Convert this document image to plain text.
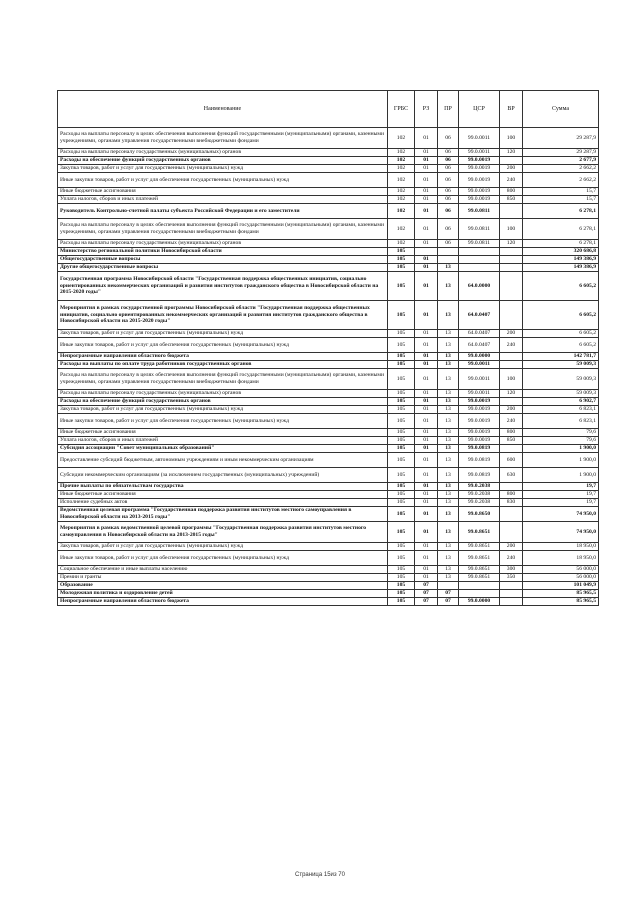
Наименование	ГРБС	РЗ	ПР	ЦСР	ВР	Сумма
Расходы на выплаты персоналу в целях обеспечения выполнения функций государственными (муниципальными) органами, казенными учреждениями, органами управления государственными внебюджетными фондами	102	01	06	99.0.0011	100	29 287,9
Расходы на выплаты персоналу государственных (муниципальных) органов	102	01	06	99.0.0011	120	29 287,9
Расходы на обеспечение функций государственных органов	102	01	06	99.0.0019		2 677,9
Закупка товаров, работ и услуг для государственных (муниципальных) нужд	102	01	06	99.0.0019	200	2 662,2
Иные закупки товаров, работ и услуг для обеспечения государственных (муниципальных) нужд	102	01	06	99.0.0019	240	2 662,2
Иные бюджетные ассигнования	102	01	06	99.0.0019	800	15,7
Уплата налогов, сборов и иных платежей	102	01	06	99.0.0019	850	15,7
Руководитель Контрольно-счетной палаты субъекта Российской Федерации и его заместители	102	01	06	99.0.0811		6 278,1
Расходы на выплаты персоналу в целях обеспечения выполнения функций государственными (муниципальными) органами, казенными учреждениями, органами управления государственными внебюджетными фондами	102	01	06	99.0.0811	100	6 278,1
Расходы на выплаты персоналу государственных (муниципальных) органов	102	01	06	99.0.0811	120	6 278,1
Министерство региональной политики Новосибирской области	105					320 686,8
Общегосударственные вопросы	105	01				149 386,9
Другие общегосударственные вопросы	105	01	13			149 386,9
Государственная программа Новосибирской области "Государственная поддержка общественных инициатив, социально ориентированных некоммерческих организаций и развития институтов гражданского общества в Новосибирской области на 2015-2020 годы"	105	01	13	64.0.0000		6 605,2
Мероприятия в рамках государственной программы Новосибирской области "Государственная поддержка общественных инициатив, социально ориентированных некоммерческих организаций и развития институтов гражданского общества в Новосибирской области на 2015-2020 годы"	105	01	13	64.0.0407		6 605,2
Закупка товаров, работ и услуг для государственных (муниципальных) нужд	105	01	13	64.0.0407	200	6 605,2
Иные закупки товаров, работ и услуг для обеспечения государственных (муниципальных) нужд	105	01	13	64.0.0407	240	6 605,2
Непрограммные направления областного бюджета	105	01	13	99.0.0000		142 781,7
Расходы на выплаты по оплате труда работников государственных органов	105	01	13	99.0.0011		59 009,3
Расходы на выплаты персоналу в целях обеспечения выполнения функций государственными (муниципальными) органами, казенными учреждениями, органами управления государственными внебюджетными фондами	105	01	13	99.0.0011	100	59 009,3
Расходы на выплаты персоналу государственных (муниципальных) органов	105	01	13	99.0.0011	120	59 009,3
Расходы на обеспечение функций государственных органов	105	01	13	99.0.0019		6 902,7
Закупка товаров, работ и услуг для государственных (муниципальных) нужд	105	01	13	99.0.0019	200	6 823,1
Иные закупки товаров, работ и услуг для обеспечения государственных (муниципальных) нужд	105	01	13	99.0.0019	240	6 823,1
Иные бюджетные ассигнования	105	01	13	99.0.0019	800	79,6
Уплата налогов, сборов и иных платежей	105	01	13	99.0.0019	850	79,6
Субсидия ассоциации "Совет муниципальных образований"	105	01	13	99.0.0819		1 900,0
Предоставление субсидий бюджетным, автономным учреждениям и иным некоммерческим организациям	105	01	13	99.0.0819	600	1 900,0
Субсидии некоммерческим организациям (за исключением государственных (муниципальных) учреждений)	105	01	13	99.0.0819	630	1 900,0
Прочие выплаты по обязательствам государства	105	01	13	99.0.2038		19,7
Иные бюджетные ассигнования	105	01	13	99.0.2038	800	19,7
Исполнение судебных актов	105	01	13	99.0.2038	830	19,7
Ведомственная целевая программа "Государственная поддержка развития институтов местного самоуправления в Новосибирской области на 2013-2015 годы"	105	01	13	99.0.8650		74 950,0
Мероприятия в рамках ведомственной целевой программы "Государственная поддержка развития институтов местного самоуправления в Новосибирской области на 2013-2015 годы"	105	01	13	99.0.8651		74 950,0
Закупка товаров, работ и услуг для государственных (муниципальных) нужд	105	01	13	99.0.8651	200	18 950,0
Иные закупки товаров, работ и услуг для обеспечения государственных (муниципальных) нужд	105	01	13	99.0.8651	240	18 950,0
Социальное обеспечение и иные выплаты населению	105	01	13	99.0.8651	300	56 000,0
Премии и гранты	105	01	13	99.0.8651	350	56 000,0
Образование	105	07				101 049,9
Молодежная политика и оздоровление детей	105	07	07			85 965,5
Непрограммные направления областного бюджета	105	07	07	99.0.0000		85 965,5
Страница 15из 70
